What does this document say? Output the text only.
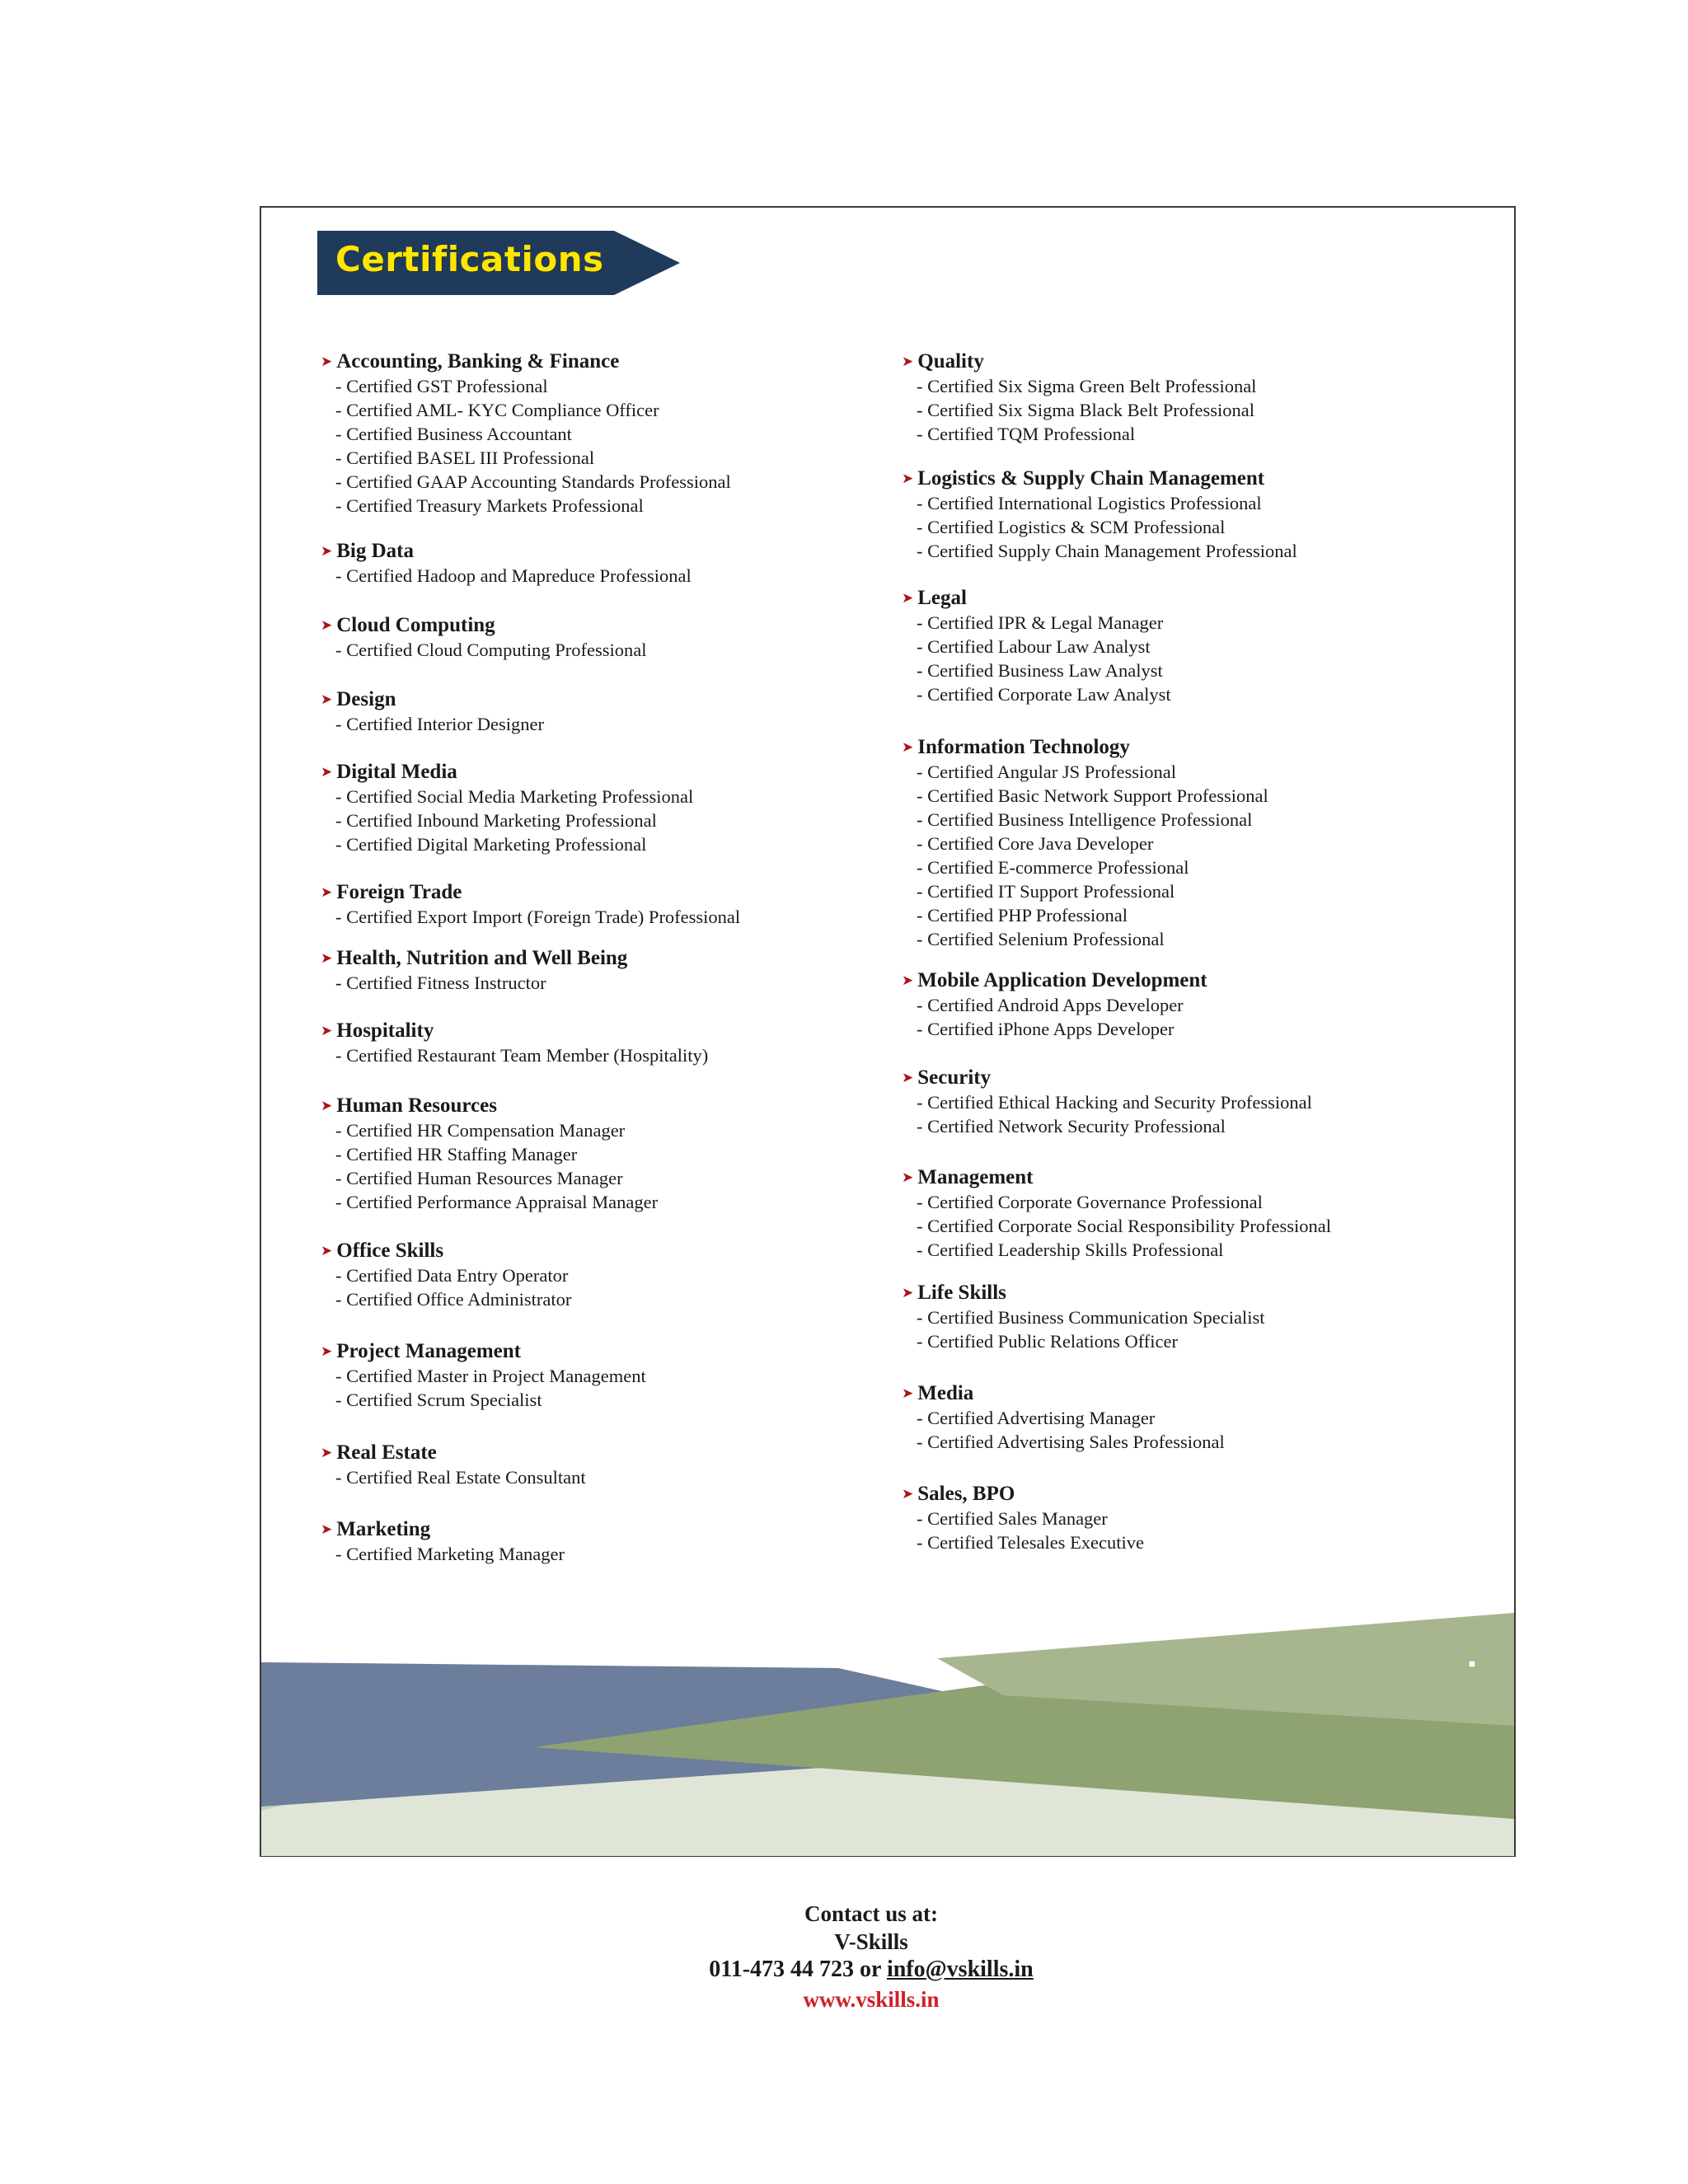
Certifications
➤ Accounting, Banking & Finance
- Certified GST Professional
- Certified AML- KYC Compliance Officer
- Certified Business Accountant
- Certified BASEL III Professional
- Certified GAAP Accounting Standards Professional
- Certified Treasury Markets Professional
➤ Big Data
- Certified Hadoop and Mapreduce Professional
➤ Cloud Computing
- Certified Cloud Computing Professional
➤ Design
- Certified Interior Designer
➤ Digital Media
- Certified Social Media Marketing Professional
- Certified Inbound Marketing Professional
- Certified Digital Marketing Professional
➤ Foreign Trade
- Certified Export Import (Foreign Trade) Professional
➤ Health, Nutrition and Well Being
- Certified Fitness Instructor
➤ Hospitality
- Certified Restaurant Team Member (Hospitality)
➤ Human Resources
- Certified HR Compensation Manager
- Certified HR Staffing Manager
- Certified Human Resources Manager
- Certified Performance Appraisal Manager
➤ Office Skills
- Certified Data Entry Operator
- Certified Office Administrator
➤ Project Management
- Certified Master in Project Management
- Certified Scrum Specialist
➤ Real Estate
- Certified Real Estate Consultant
➤ Marketing
- Certified Marketing Manager
➤ Quality
- Certified Six Sigma Green Belt Professional
- Certified Six Sigma Black Belt Professional
- Certified TQM Professional
➤ Logistics & Supply Chain Management
- Certified International Logistics Professional
- Certified Logistics & SCM Professional
- Certified Supply Chain Management Professional
➤ Legal
- Certified IPR & Legal Manager
- Certified Labour Law Analyst
- Certified Business Law Analyst
- Certified Corporate Law Analyst
➤ Information Technology
- Certified Angular JS Professional
- Certified Basic Network Support Professional
- Certified Business Intelligence Professional
- Certified Core Java Developer
- Certified E-commerce Professional
- Certified IT Support Professional
- Certified PHP Professional
- Certified Selenium Professional
➤ Mobile Application Development
- Certified Android Apps Developer
- Certified iPhone Apps Developer
➤ Security
- Certified Ethical Hacking and Security Professional
- Certified Network Security Professional
➤ Management
- Certified Corporate Governance Professional
- Certified Corporate Social Responsibility Professional
- Certified Leadership Skills Professional
➤ Life Skills
- Certified Business Communication Specialist
- Certified Public Relations Officer
➤ Media
- Certified Advertising Manager
- Certified Advertising Sales Professional
➤ Sales, BPO
- Certified Sales Manager
- Certified Telesales Executive
Contact us at:
V-Skills
011-473 44 723 or info@vskills.in
www.vskills.in
